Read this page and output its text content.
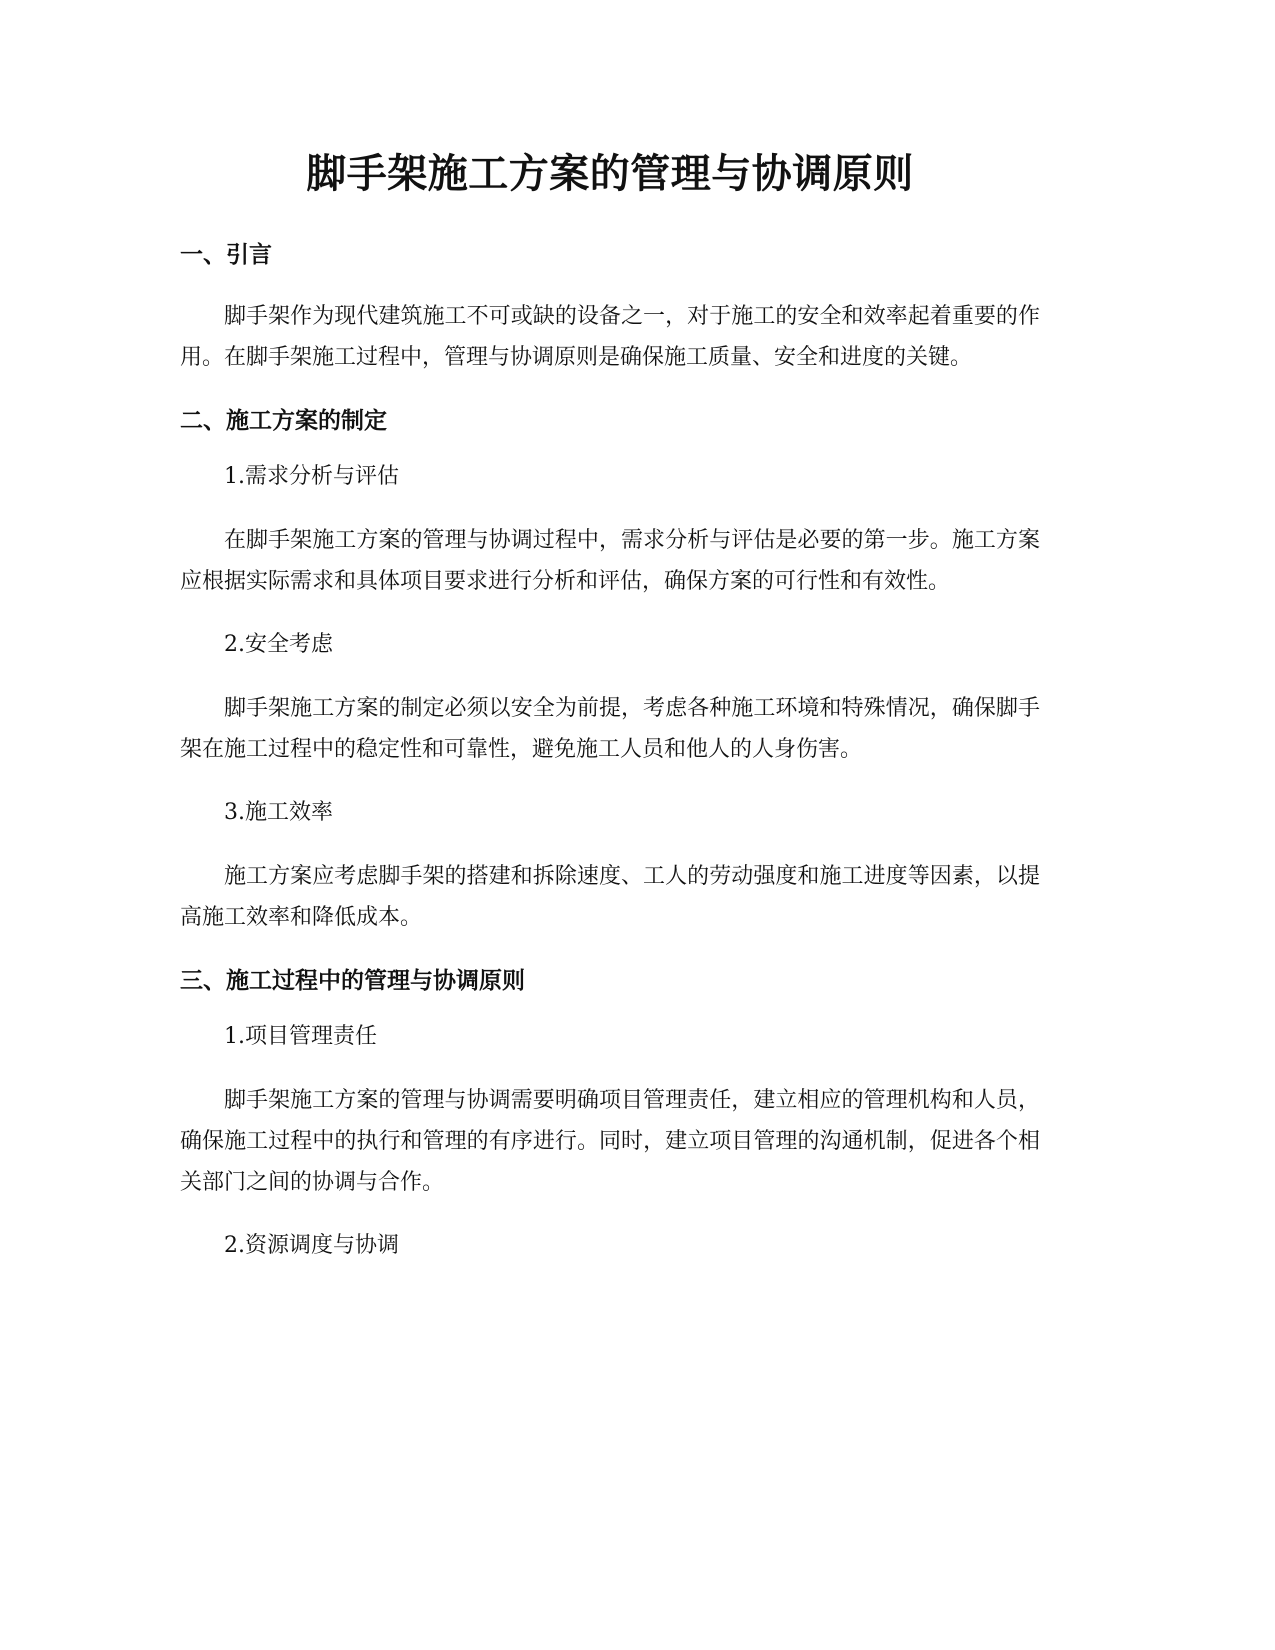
脚手架施工方案的管理与协调原则
一、引言

脚手架作为现代建筑施工不可或缺的设备之一，对于施工的安全和效率起着重要的作用。在脚手架施工过程中，管理与协调原则是确保施工质量、安全和进度的关键。

二、施工方案的制定
1.需求分析与评估

在脚手架施工方案的管理与协调过程中，需求分析与评估是必要的第一步。施工方案应根据实际需求和具体项目要求进行分析和评估，确保方案的可行性和有效性。

2.安全考虑

脚手架施工方案的制定必须以安全为前提，考虑各种施工环境和特殊情况，确保脚手架在施工过程中的稳定性和可靠性，避免施工人员和他人的人身伤害。

3.施工效率

施工方案应考虑脚手架的搭建和拆除速度、工人的劳动强度和施工进度等因素，以提高施工效率和降低成本。

三、施工过程中的管理与协调原则
1.项目管理责任

脚手架施工方案的管理与协调需要明确项目管理责任，建立相应的管理机构和人员，确保施工过程中的执行和管理的有序进行。同时，建立项目管理的沟通机制，促进各个相关部门之间的协调与合作。

2.资源调度与协调
